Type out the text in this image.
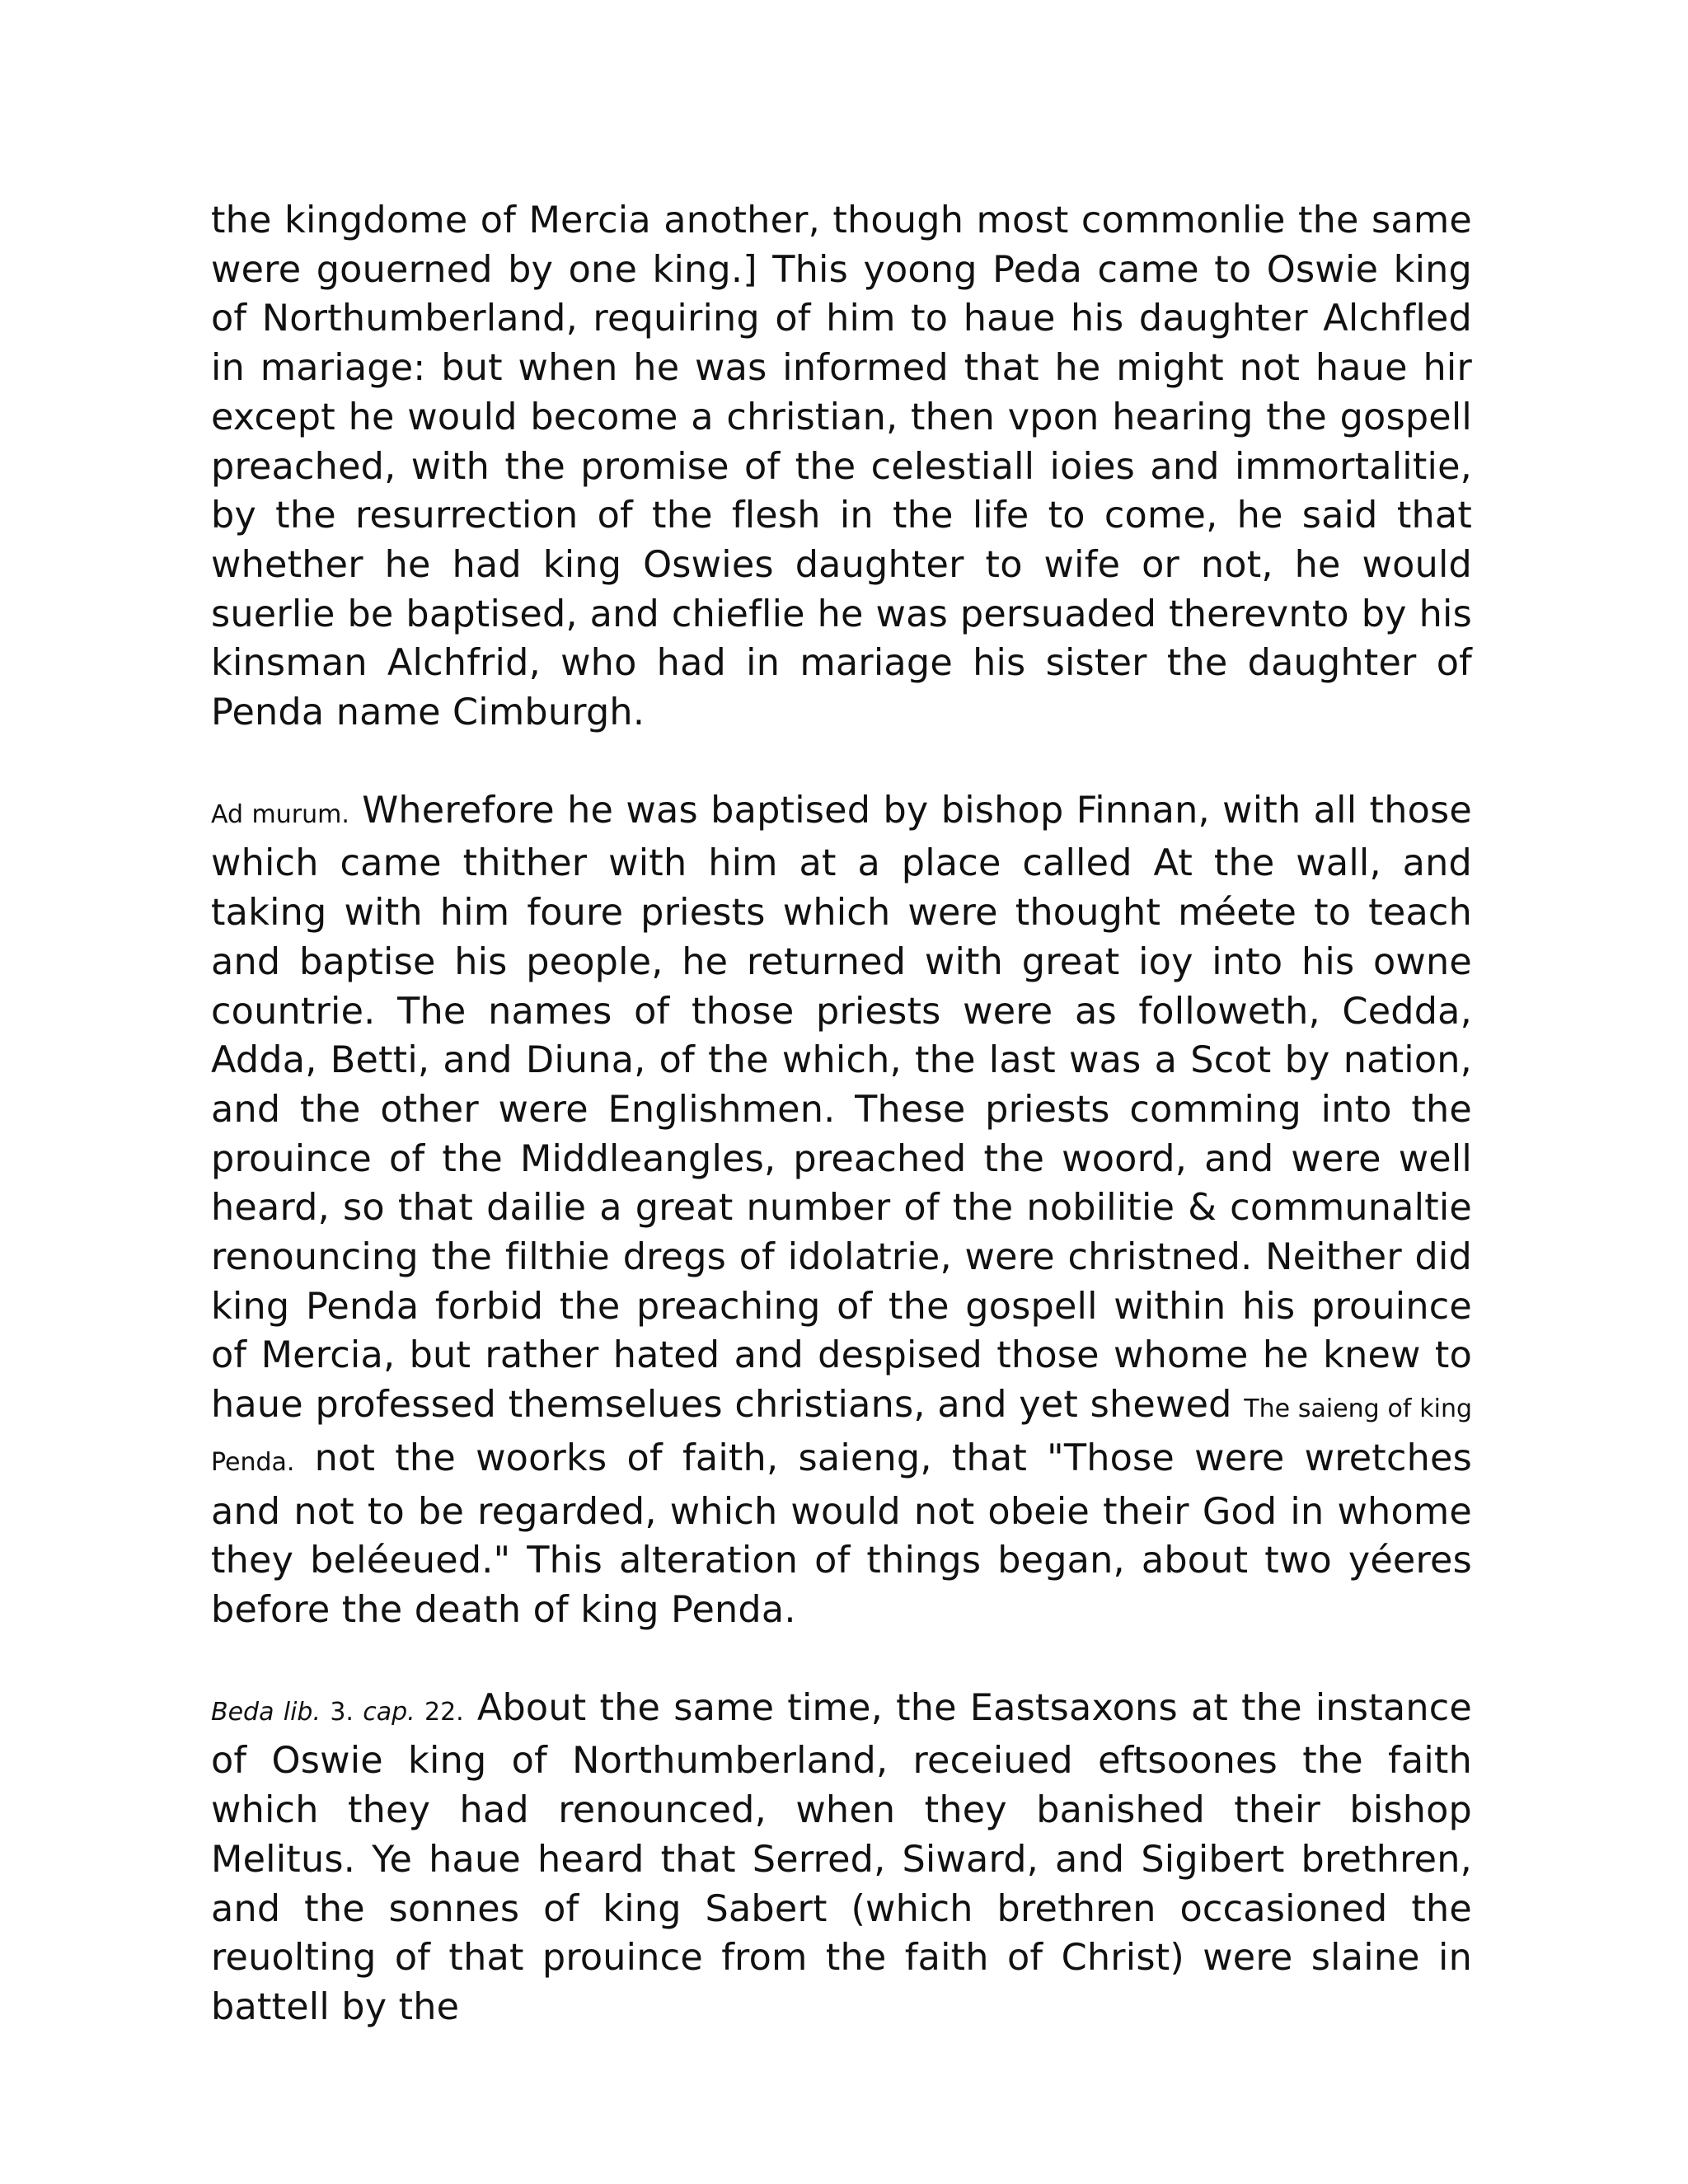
the kingdome of Mercia another, though most commonlie the same were gouerned by one king.] This yoong Peda came to Oswie king of Northumberland, requiring of him to haue his daughter Alchfled in mariage: but when he was informed that he might not haue hir except he would become a christian, then vpon hearing the gospell preached, with the promise of the celestiall ioies and immortalitie, by the resurrection of the flesh in the life to come, he said that whether he had king Oswies daughter to wife or not, he would suerlie be baptised, and chieflie he was persuaded therevnto by his kinsman Alchfrid, who had in mariage his sister the daughter of Penda name Cimburgh.

Ad murum. Wherefore he was baptised by bishop Finnan, with all those which came thither with him at a place called At the wall, and taking with him foure priests which were thought méete to teach and baptise his people, he returned with great ioy into his owne countrie. The names of those priests were as followeth, Cedda, Adda, Betti, and Diuna, of the which, the last was a Scot by nation, and the other were Englishmen. These priests comming into the prouince of the Middleangles, preached the woord, and were well heard, so that dailie a great number of the nobilitie & communaltie renouncing the filthie dregs of idolatrie, were christned. Neither did king Penda forbid the preaching of the gospell within his prouince of Mercia, but rather hated and despised those whome he knew to haue professed themselues christians, and yet shewed The saieng of king Penda. not the woorks of faith, saieng, that "Those were wretches and not to be regarded, which would not obeie their God in whome they beléeued." This alteration of things began, about two yéeres before the death of king Penda.

Beda lib. 3. cap. 22. About the same time, the Eastsaxons at the instance of Oswie king of Northumberland, receiued eftsoones the faith which they had renounced, when they banished their bishop Melitus. Ye haue heard that Serred, Siward, and Sigibert brethren, and the sonnes of king Sabert (which brethren occasioned the reuolting of that prouince from the faith of Christ) were slaine in battell by the
